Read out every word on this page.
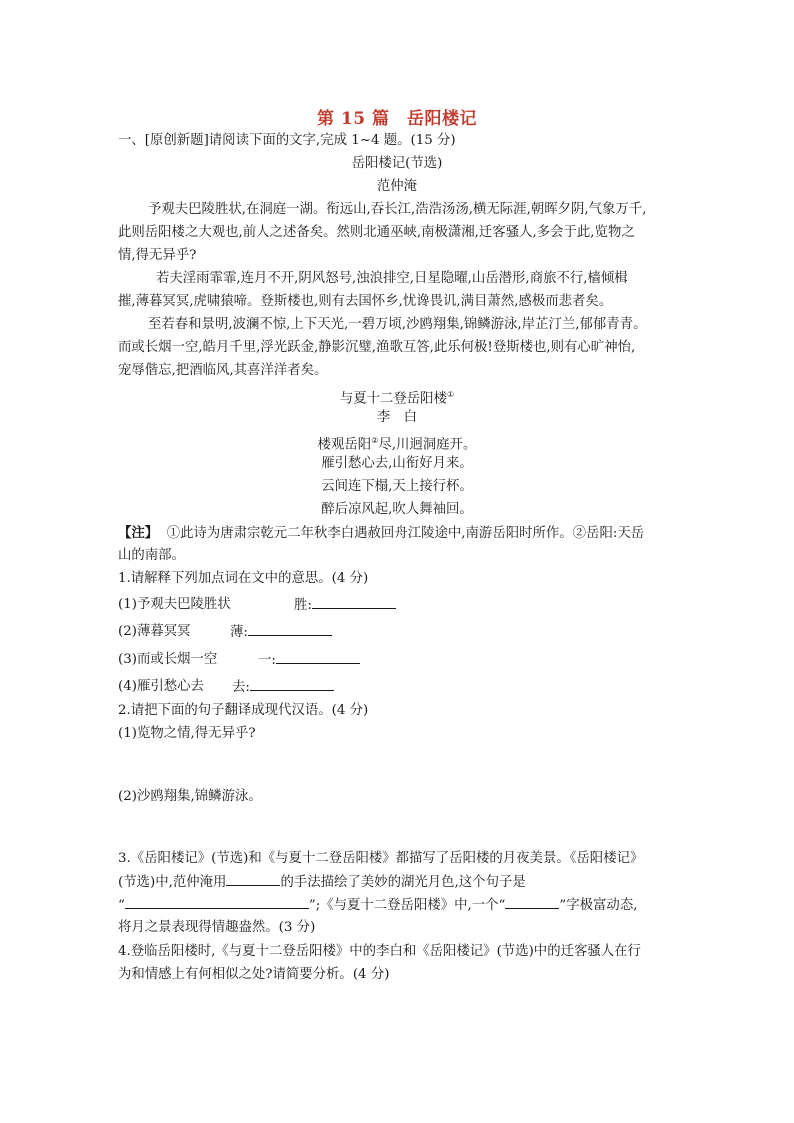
第 15 篇　岳阳楼记
一、[原创新题]请阅读下面的文字,完成 1~4 题。(15 分)
岳阳楼记(节选)
范仲淹
予观夫巴陵胜状,在洞庭一湖。衔远山,吞长江,浩浩汤汤,横无际涯,朝晖夕阴,气象万千,
此则岳阳楼之大观也,前人之述备矣。然则北通巫峡,南极潇湘,迁客骚人,多会于此,览物之
情,得无异乎?
若夫淫雨霏霏,连月不开,阴风怒号,浊浪排空,日星隐曜,山岳潜形,商旅不行,樯倾楫
摧,薄暮冥冥,虎啸猿啼。登斯楼也,则有去国怀乡,忧谗畏讥,满目萧然,感极而悲者矣。
至若春和景明,波澜不惊,上下天光,一碧万顷,沙鸥翔集,锦鳞游泳,岸芷汀兰,郁郁青青。
而或长烟一空,皓月千里,浮光跃金,静影沉璧,渔歌互答,此乐何极!登斯楼也,则有心旷神怡,
宠辱偕忘,把酒临风,其喜洋洋者矣。
与夏十二登岳阳楼①
李　白
楼观岳阳②尽,川迥洞庭开。
雁引愁心去,山衔好月来。
云间连下榻,天上接行杯。
醉后凉风起,吹人舞袖回。
【注】 ①此诗为唐肃宗乾元二年秋李白遇赦回舟江陵途中,南游岳阳时所作。②岳阳:天岳
山的南部。
1.请解释下列加点词在文中的意思。(4 分)
(1)予观夫巴陵胜状	胜:
(2)薄暮冥冥	薄:
(3)而或长烟一空	一:
(4)雁引愁心去 去:
2.请把下面的句子翻译成现代汉语。(4 分)
(1)览物之情,得无异乎?
(2)沙鸥翔集,锦鳞游泳。
3.《岳阳楼记》(节选)和《与夏十二登岳阳楼》都描写了岳阳楼的月夜美景。《岳阳楼记》
(节选)中,范仲淹用	的手法描绘了美妙的湖光月色,这个句子是
“	”;《与夏十二登岳阳楼》中,一个“	”字极富动态,
将月之景表现得情趣盎然。(3 分)
4.登临岳阳楼时,《与夏十二登岳阳楼》中的李白和《岳阳楼记》(节选)中的迁客骚人在行
为和情感上有何相似之处?请简要分析。(4 分)
